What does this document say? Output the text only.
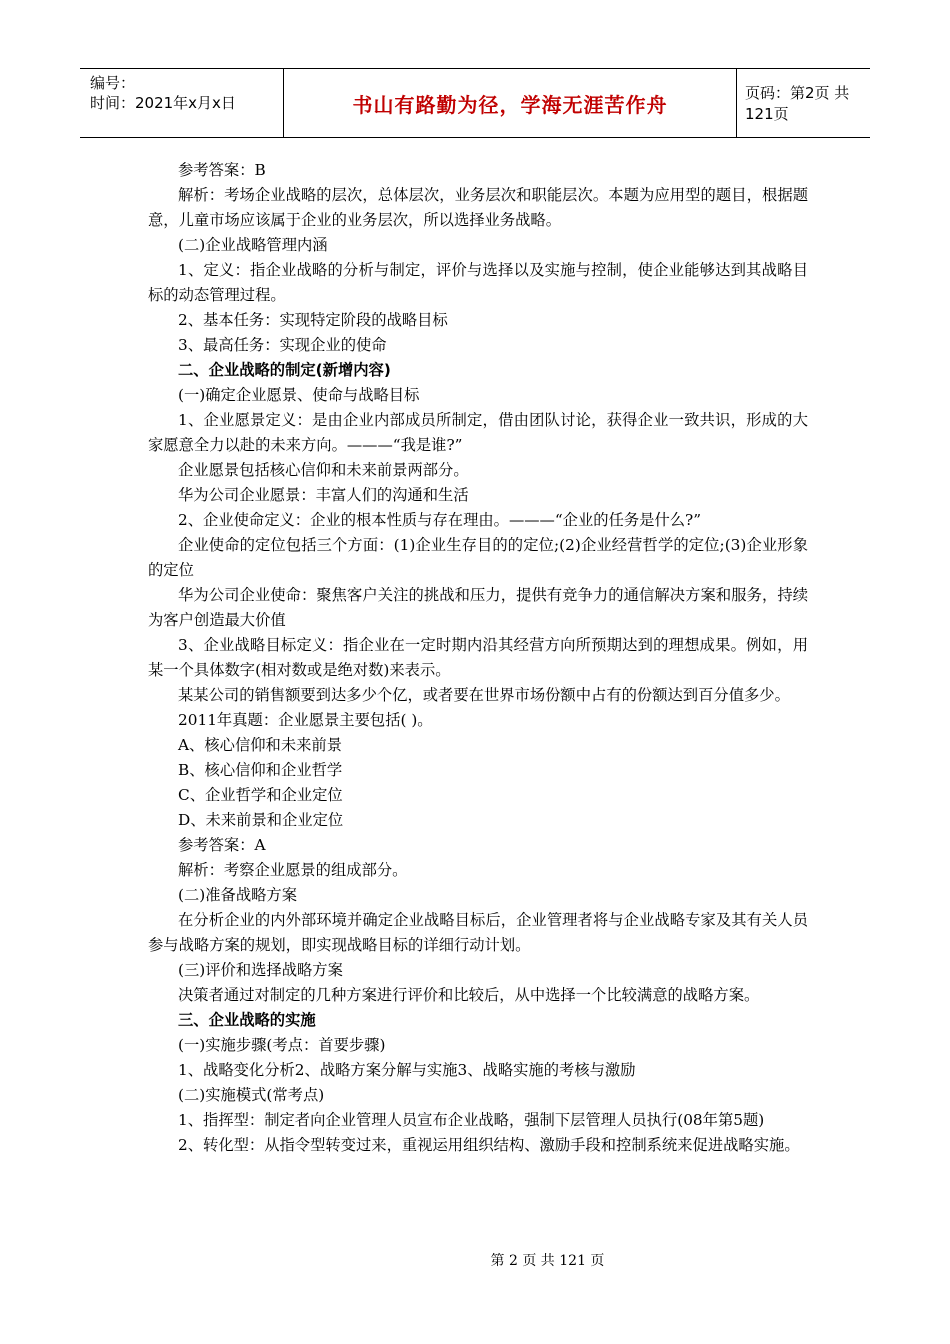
编号：
时间：2021年x月x日	书山有路勤为径，学海无涯苦作舟	页码：第2页 共121页

参考答案：B

解析：考场企业战略的层次，总体层次，业务层次和职能层次。本题为应用型的题目，根据题意，儿童市场应该属于企业的业务层次，所以选择业务战略。

(二)企业战略管理内涵

1、定义：指企业战略的分析与制定，评价与选择以及实施与控制，使企业能够达到其战略目标的动态管理过程。

2、基本任务：实现特定阶段的战略目标

3、最高任务：实现企业的使命

二、企业战略的制定(新增内容)

(一)确定企业愿景、使命与战略目标

1、企业愿景定义：是由企业内部成员所制定，借由团队讨论，获得企业一致共识，形成的大家愿意全力以赴的未来方向。———“我是谁?”

企业愿景包括核心信仰和未来前景两部分。

华为公司企业愿景：丰富人们的沟通和生活

2、企业使命定义：企业的根本性质与存在理由。———“企业的任务是什么?”

企业使命的定位包括三个方面：(1)企业生存目的的定位;(2)企业经营哲学的定位;(3)企业形象的定位

华为公司企业使命：聚焦客户关注的挑战和压力，提供有竞争力的通信解决方案和服务，持续为客户创造最大价值

3、企业战略目标定义：指企业在一定时期内沿其经营方向所预期达到的理想成果。例如，用某一个具体数字(相对数或是绝对数)来表示。

某某公司的销售额要到达多少个亿，或者要在世界市场份额中占有的份额达到百分值多少。

2011年真题：企业愿景主要包括( )。

A、核心信仰和未来前景

B、核心信仰和企业哲学

C、企业哲学和企业定位

D、未来前景和企业定位

参考答案：A

解析：考察企业愿景的组成部分。

(二)准备战略方案

在分析企业的内外部环境并确定企业战略目标后，企业管理者将与企业战略专家及其有关人员参与战略方案的规划，即实现战略目标的详细行动计划。

(三)评价和选择战略方案

决策者通过对制定的几种方案进行评价和比较后，从中选择一个比较满意的战略方案。

三、企业战略的实施

(一)实施步骤(考点：首要步骤)

1、战略变化分析2、战略方案分解与实施3、战略实施的考核与激励

(二)实施模式(常考点)

1、指挥型：制定者向企业管理人员宣布企业战略，强制下层管理人员执行(08年第5题)

2、转化型：从指令型转变过来，重视运用组织结构、激励手段和控制系统来促进战略实施。

第 2 页 共 121 页
